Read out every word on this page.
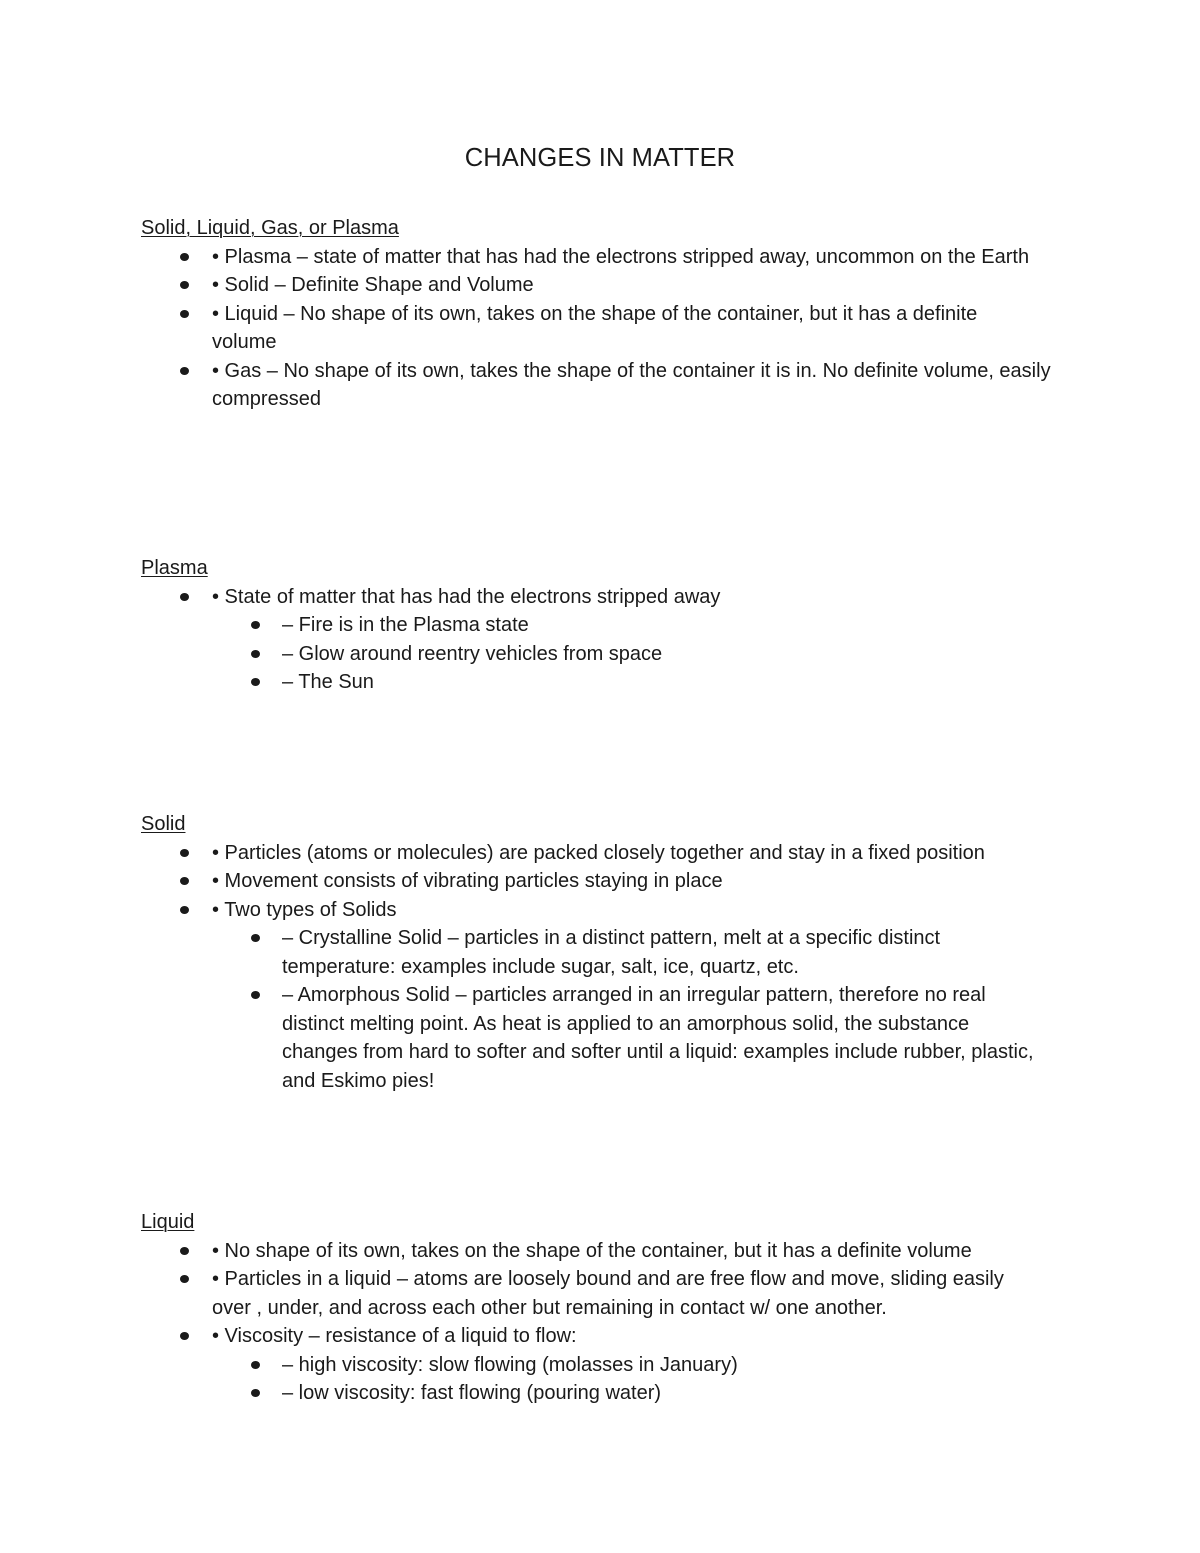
CHANGES IN MATTER
Solid, Liquid, Gas, or Plasma
• Plasma – state of matter that has had the electrons stripped away, uncommon on the Earth
• Solid – Definite Shape and Volume
• Liquid – No shape of its own, takes on the shape of the container, but it has a definite volume
• Gas – No shape of its own, takes the shape of the container it is in. No definite volume, easily compressed
Plasma
• State of matter that has had the electrons stripped away
– Fire is in the Plasma state
– Glow around reentry vehicles from space
– The Sun
Solid
• Particles (atoms or molecules) are packed closely together and stay in a fixed position
• Movement consists of vibrating particles staying in place
• Two types of Solids
– Crystalline Solid – particles in a distinct pattern, melt at a specific distinct temperature: examples include sugar, salt, ice, quartz, etc.
– Amorphous Solid – particles arranged in an irregular pattern, therefore no real distinct melting point. As heat is applied to an amorphous solid, the substance changes from hard to softer and softer until a liquid: examples include rubber, plastic, and Eskimo pies!
Liquid
• No shape of its own, takes on the shape of the container, but it has a definite volume
• Particles in a liquid – atoms are loosely bound and are free flow and move, sliding easily over , under, and across each other but remaining in contact w/ one another.
• Viscosity – resistance of a liquid to flow:
– high viscosity: slow flowing (molasses in January)
– low viscosity: fast flowing (pouring water)
